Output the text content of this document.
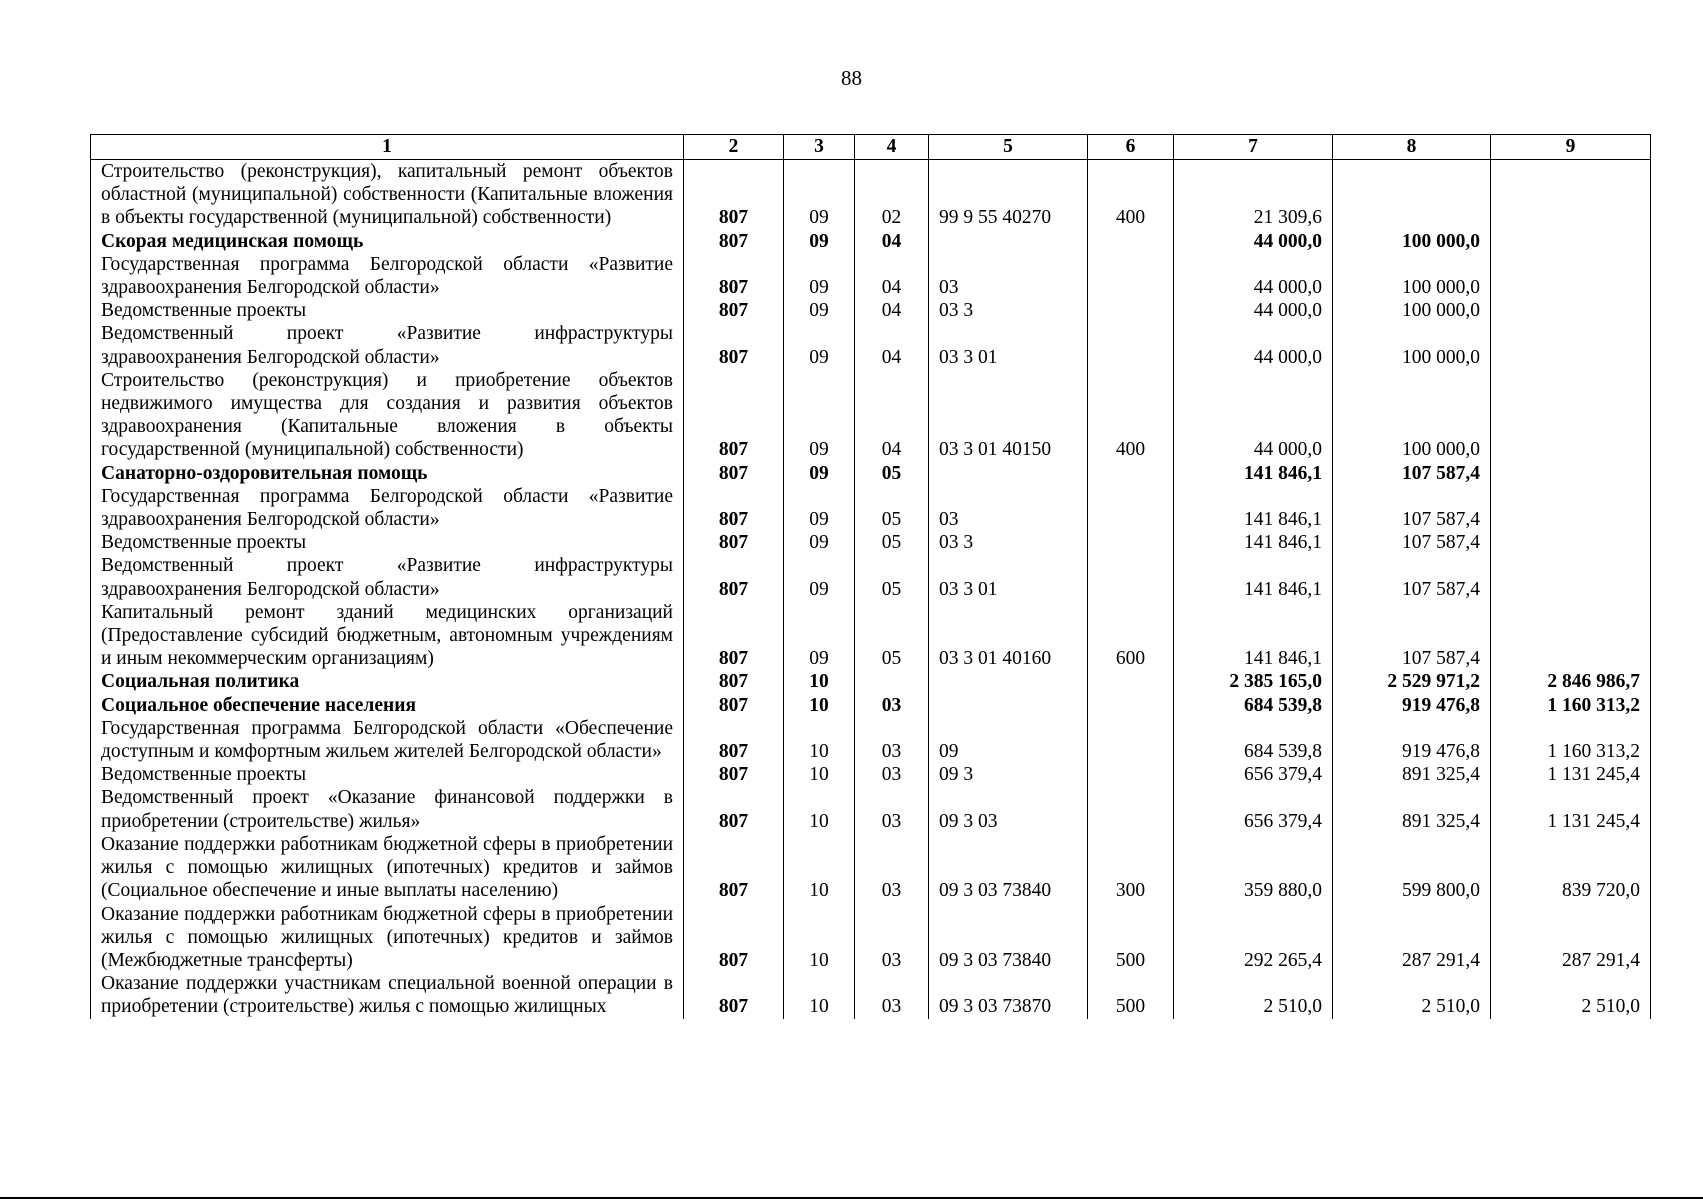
88
1	2	3	4	5	6	7	8	9
Строительство (реконструкция), капитальный ремонт объектов областной (муниципальной) собственности (Капитальные вложения в объекты государственной (муниципальной) собственности)	807	09	02	99 9 55 40270	400	21 309,6		
Скорая медицинская помощь	807	09	04			44 000,0	100 000,0	
Государственная программа Белгородской области «Развитие здравоохранения Белгородской области»	807	09	04	03		44 000,0	100 000,0	
Ведомственные проекты	807	09	04	03 3		44 000,0	100 000,0	
Ведомственный проект «Развитие инфраструктуры здравоохранения Белгородской области»	807	09	04	03 3 01		44 000,0	100 000,0	
Строительство (реконструкция) и приобретение объектов недвижимого имущества для создания и развития объектов здравоохранения (Капитальные вложения в объекты государственной (муниципальной) собственности)	807	09	04	03 3 01 40150	400	44 000,0	100 000,0	
Санаторно-оздоровительная помощь	807	09	05			141 846,1	107 587,4	
Государственная программа Белгородской области «Развитие здравоохранения Белгородской области»	807	09	05	03		141 846,1	107 587,4	
Ведомственные проекты	807	09	05	03 3		141 846,1	107 587,4	
Ведомственный проект «Развитие инфраструктуры здравоохранения Белгородской области»	807	09	05	03 3 01		141 846,1	107 587,4	
Капитальный ремонт зданий медицинских организаций (Предоставление субсидий бюджетным, автономным учреждениям и иным некоммерческим организациям)	807	09	05	03 3 01 40160	600	141 846,1	107 587,4	
Социальная политика	807	10				2 385 165,0	2 529 971,2	2 846 986,7
Социальное обеспечение населения	807	10	03			684 539,8	919 476,8	1 160 313,2
Государственная программа Белгородской области «Обеспечение доступным и комфортным жильем жителей Белгородской области»	807	10	03	09		684 539,8	919 476,8	1 160 313,2
Ведомственные проекты	807	10	03	09 3		656 379,4	891 325,4	1 131 245,4
Ведомственный проект «Оказание финансовой поддержки в приобретении (строительстве) жилья»	807	10	03	09 3 03		656 379,4	891 325,4	1 131 245,4
Оказание поддержки работникам бюджетной сферы в приобретении жилья с помощью жилищных (ипотечных) кредитов и займов (Социальное обеспечение и иные выплаты населению)	807	10	03	09 3 03 73840	300	359 880,0	599 800,0	839 720,0
Оказание поддержки работникам бюджетной сферы в приобретении жилья с помощью жилищных (ипотечных) кредитов и займов (Межбюджетные трансферты)	807	10	03	09 3 03 73840	500	292 265,4	287 291,4	287 291,4
Оказание поддержки участникам специальной военной операции в приобретении (строительстве) жилья с помощью жилищных	807	10	03	09 3 03 73870	500	2 510,0	2 510,0	2 510,0
